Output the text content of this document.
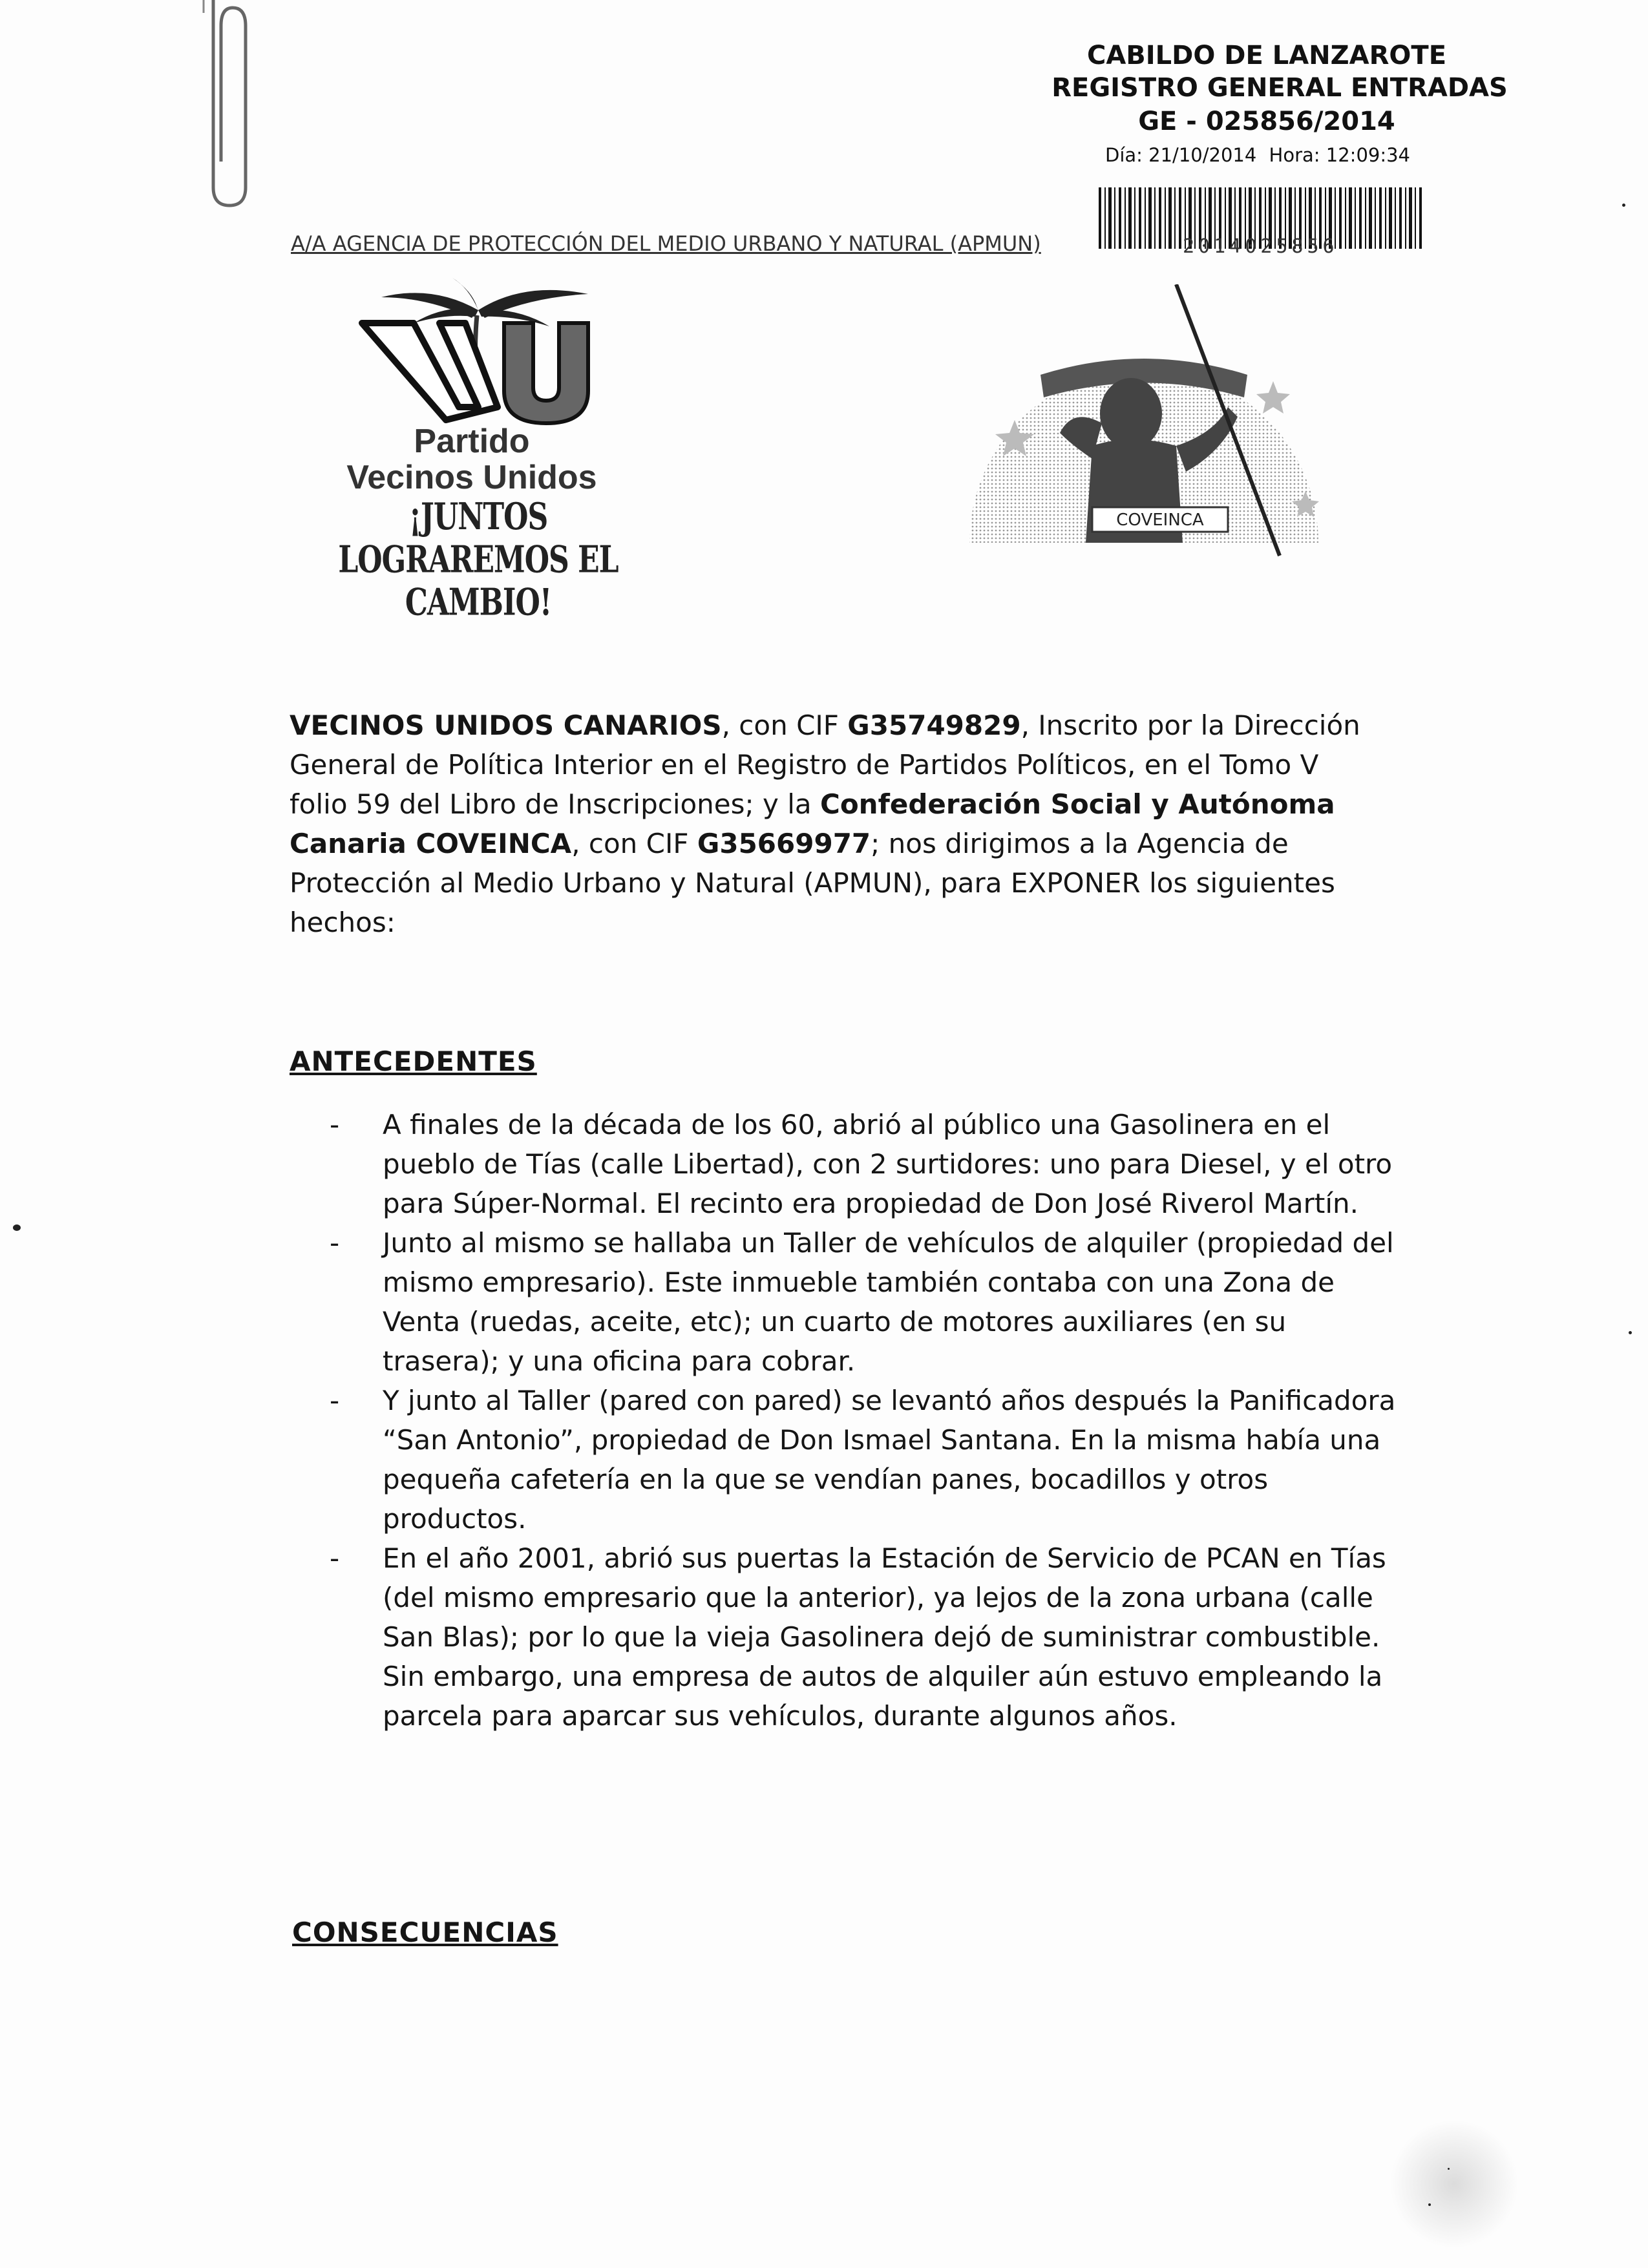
CABILDO DE LANZAROTE
REGISTRO GENERAL ENTRADAS
GE - 025856/2014
Día: 21/10/2014 Hora: 12:09:34
2014025856
A/A AGENCIA DE PROTECCIÓN DEL MEDIO URBANO Y NATURAL (APMUN)
Partido
Vecinos Unidos
¡JUNTOS LOGRAREMOS EL CAMBIO!
COVEINCA
VECINOS UNIDOS CANARIOS, con CIF G35749829, Inscrito por la Dirección General de Política Interior en el Registro de Partidos Políticos, en el Tomo V folio 59 del Libro de Inscripciones; y la Confederación Social y Autónoma Canaria COVEINCA, con CIF G35669977; nos dirigimos a la Agencia de Protección al Medio Urbano y Natural (APMUN), para EXPONER los siguientes hechos:
ANTECEDENTES
- A finales de la década de los 60, abrió al público una Gasolinera en el pueblo de Tías (calle Libertad), con 2 surtidores: uno para Diesel, y el otro para Súper-Normal. El recinto era propiedad de Don José Riverol Martín.
- Junto al mismo se hallaba un Taller de vehículos de alquiler (propiedad del mismo empresario). Este inmueble también contaba con una Zona de Venta (ruedas, aceite, etc); un cuarto de motores auxiliares (en su trasera); y una oficina para cobrar.
- Y junto al Taller (pared con pared) se levantó años después la Panificadora “San Antonio”, propiedad de Don Ismael Santana. En la misma había una pequeña cafetería en la que se vendían panes, bocadillos y otros productos.
- En el año 2001, abrió sus puertas la Estación de Servicio de PCAN en Tías (del mismo empresario que la anterior), ya lejos de la zona urbana (calle San Blas); por lo que la vieja Gasolinera dejó de suministrar combustible. Sin embargo, una empresa de autos de alquiler aún estuvo empleando la parcela para aparcar sus vehículos, durante algunos años.
CONSECUENCIAS
